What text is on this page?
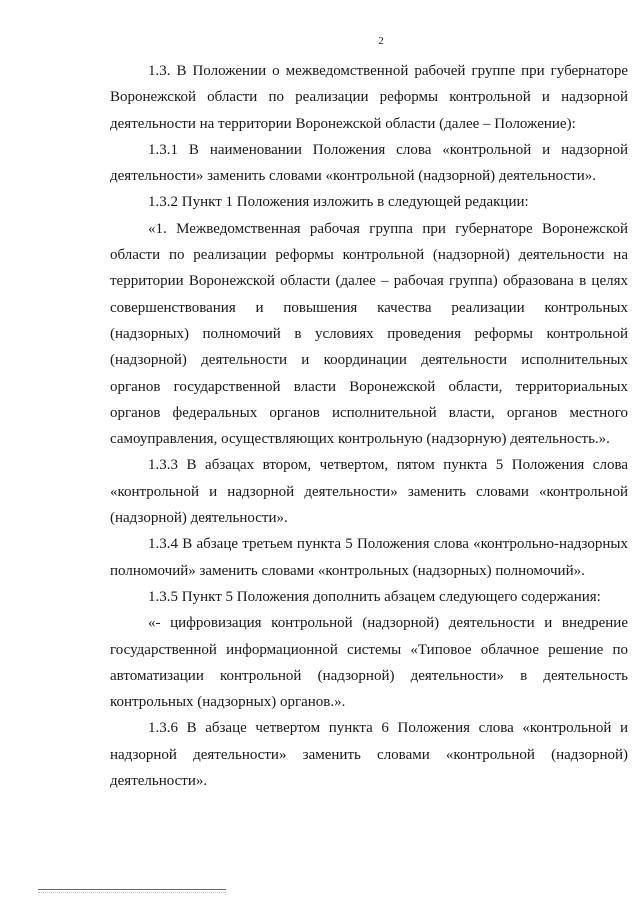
2

1.3. В Положении о межведомственной рабочей группе при губернаторе Воронежской области по реализации реформы контрольной и надзорной деятельности на территории Воронежской области (далее – Положение):

1.3.1 В наименовании Положения слова «контрольной и надзорной деятельности» заменить словами «контрольной (надзорной) деятельности».

1.3.2 Пункт 1 Положения изложить в следующей редакции:

«1. Межведомственная рабочая группа при губернаторе Воронежской области по реализации реформы контрольной (надзорной) деятельности на территории Воронежской области (далее – рабочая группа) образована в целях совершенствования и повышения качества реализации контрольных (надзорных) полномочий в условиях проведения реформы контрольной (надзорной) деятельности и координации деятельности исполнительных органов государственной власти Воронежской области, территориальных органов федеральных органов исполнительной власти, органов местного самоуправления, осуществляющих контрольную (надзорную) деятельность.».

1.3.3 В абзацах втором, четвертом, пятом пункта 5 Положения слова «контрольной и надзорной деятельности» заменить словами «контрольной (надзорной) деятельности».

1.3.4 В абзаце третьем пункта 5 Положения слова «контрольно-надзорных полномочий» заменить словами «контрольных (надзорных) полномочий».

1.3.5 Пункт 5 Положения дополнить абзацем следующего содержания:

«- цифровизация контрольной (надзорной) деятельности и внедрение государственной информационной системы «Типовое облачное решение по автоматизации контрольной (надзорной) деятельности» в деятельность контрольных (надзорных) органов.».

1.3.6 В абзаце четвертом пункта 6 Положения слова «контрольной и надзорной деятельности» заменить словами «контрольной (надзорной) деятельности».
